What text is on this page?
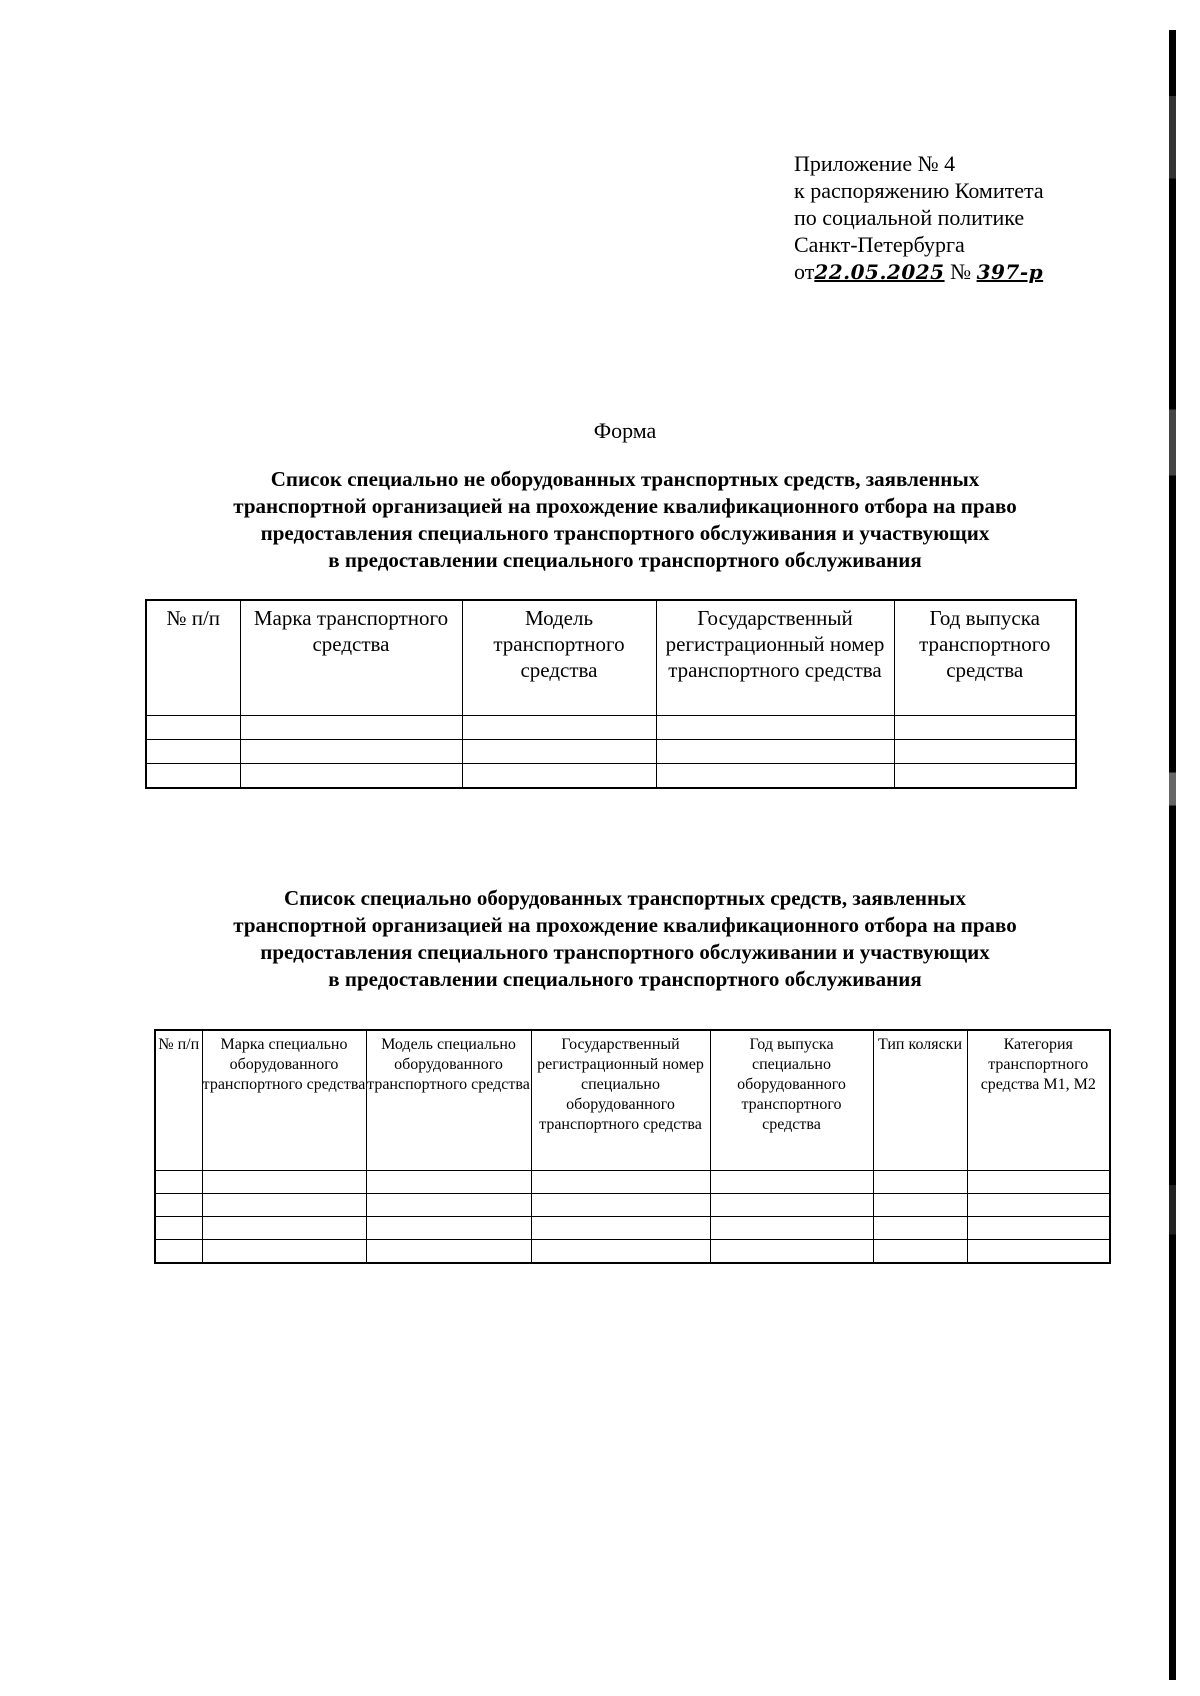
Приложение № 4
к распоряжению Комитета
по социальной политике
Санкт-Петербурга
от22.05.2025 № 397-р
Форма
Список специально не оборудованных транспортных средств, заявленных
транспортной организацией на прохождение квалификационного отбора на право
предоставления специального транспортного обслуживания и участвующих
в предоставлении специального транспортного обслуживания
№ п/п	Марка транспортного средства	Модель транспортного средства	Государственный регистрационный номер транспортного средства	Год выпуска транспортного средства

Список специально оборудованных транспортных средств, заявленных
транспортной организацией на прохождение квалификационного отбора на право
предоставления специального транспортного обслуживании и участвующих
в предоставлении специального транспортного обслуживания
№ п/п	Марка специально оборудованного транспортного средства	Модель специально оборудованного транспортного средства	Государственный регистрационный номер специально оборудованного транспортного средства	Год выпуска специально оборудованного транспортного средства	Тип коляски	Категория транспортного средства М1, М2
